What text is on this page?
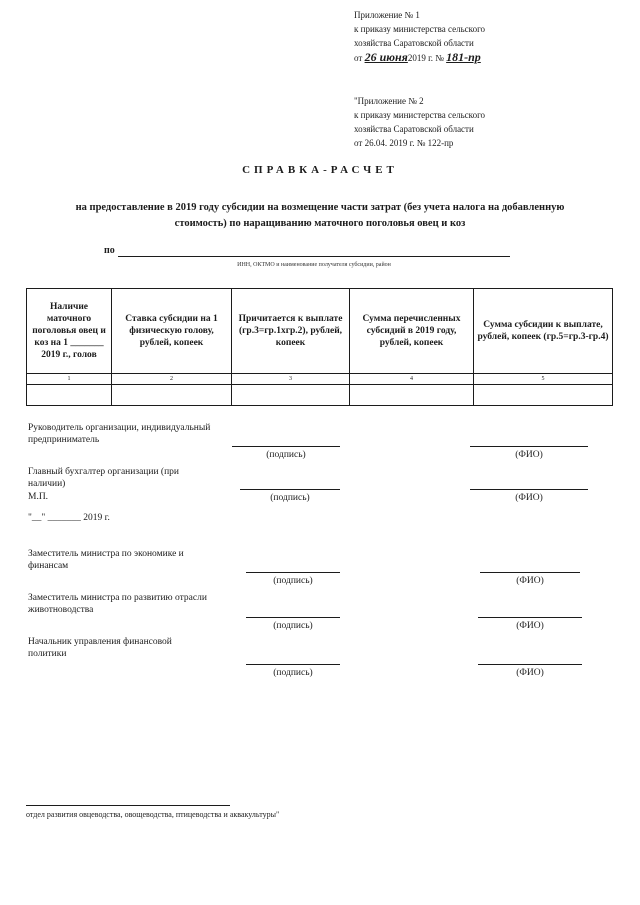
Приложение № 1
к приказу министерства сельского
хозяйства Саратовской области
от 26 июня2019 г. № 181-пр
"Приложение № 2
к приказу министерства сельского
хозяйства Саратовской области
от 26.04. 2019 г. № 122-пр
СПРАВКА-РАСЧЕТ
на предоставление в 2019 году субсидии на возмещение части затрат (без учета налога на добавленную
стоимость) по наращиванию маточного поголовья овец и коз
по
ИНН, ОКТМО и наименование получателя субсидии, район
Наличие маточного поголовья овец и коз на 1 _______ 2019 г., голов	Ставка субсидии на 1 физическую голову, рублей, копеек	Причитается к выплате (гр.3=гр.1хгр.2), рублей, копеек	Сумма перечисленных субсидий в 2019 году, рублей, копеек	Сумма субсидии к выплате, рублей, копеек (гр.5=гр.3-гр.4)
1	2	3	4	5

Руководитель организации, индивидуальный предприниматель
(подпись)	(ФИО)
Главный бухгалтер организации (при наличии)
М.П.
"__" _______ 2019 г.
(подпись)	(ФИО)
Заместитель министра по экономике и финансам
(подпись)	(ФИО)
Заместитель министра по развитию отрасли животноводства
(подпись)	(ФИО)
Начальник управления финансовой политики
(подпись)	(ФИО)
отдел развития овцеводства, овощеводства, птицеводства и аквакультуры"
